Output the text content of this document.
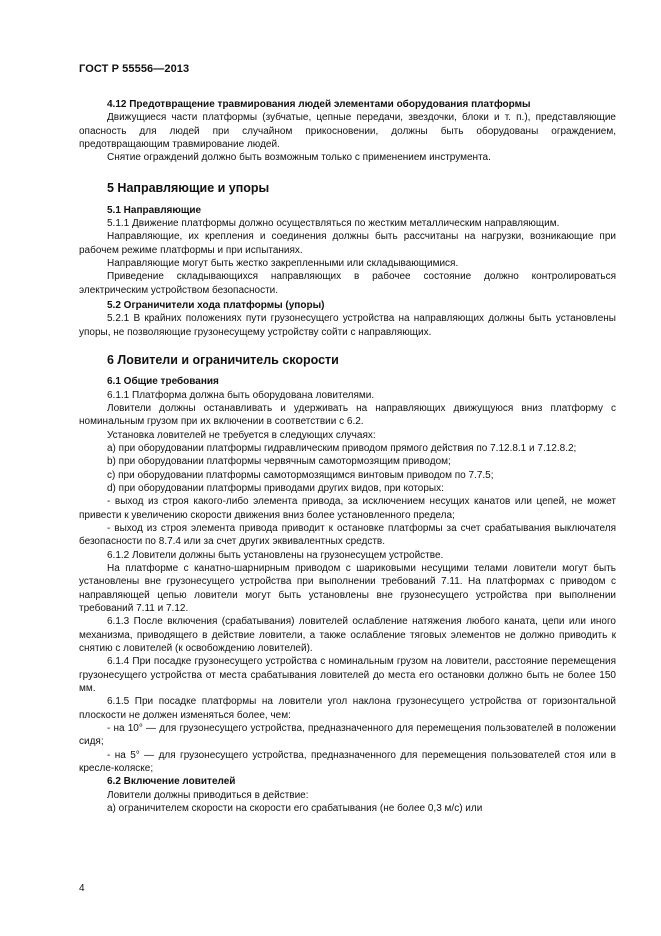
ГОСТ Р 55556—2013

4.12 Предотвращение травмирования людей элементами оборудования платформы

Движущиеся части платформы (зубчатые, цепные передачи, звездочки, блоки и т. п.), представляющие опасность для людей при случайном прикосновении, должны быть оборудованы ограждением, предотвращающим травмирование людей.

Снятие ограждений должно быть возможным только с применением инструмента.

5 Направляющие и упоры

5.1 Направляющие

5.1.1 Движение платформы должно осуществляться по жестким металлическим направляющим.

Направляющие, их крепления и соединения должны быть рассчитаны на нагрузки, возникающие при рабочем режиме платформы и при испытаниях.

Направляющие могут быть жестко закрепленными или складывающимися.

Приведение складывающихся направляющих в рабочее состояние должно контролироваться электрическим устройством безопасности.

5.2 Ограничители хода платформы (упоры)

5.2.1 В крайних положениях пути грузонесущего устройства на направляющих должны быть установлены упоры, не позволяющие грузонесущему устройству сойти с направляющих.

6 Ловители и ограничитель скорости

6.1 Общие требования

6.1.1 Платформа должна быть оборудована ловителями.

Ловители должны останавливать и удерживать на направляющих движущуюся вниз платформу с номинальным грузом при их включении в соответствии с 6.2.

Установка ловителей не требуется в следующих случаях:

а) при оборудовании платформы гидравлическим приводом прямого действия по 7.12.8.1 и 7.12.8.2;

b) при оборудовании платформы червячным самотормозящим приводом;

с) при оборудовании платформы самотормозящимся винтовым приводом по 7.7.5;

d) при оборудовании платформы приводами других видов, при которых:

- выход из строя какого-либо элемента привода, за исключением несущих канатов или цепей, не может привести к увеличению скорости движения вниз более установленного предела;

- выход из строя элемента привода приводит к остановке платформы за счет срабатывания выключателя безопасности по 8.7.4 или за счет других эквивалентных средств.

6.1.2 Ловители должны быть установлены на грузонесущем устройстве.

На платформе с канатно-шарнирным приводом с шариковыми несущими телами ловители могут быть установлены вне грузонесущего устройства при выполнении требований 7.11. На платформах с приводом с направляющей цепью ловители могут быть установлены вне грузонесущего устройства при выполнении требований 7.11 и 7.12.

6.1.3 После включения (срабатывания) ловителей ослабление натяжения любого каната, цепи или иного механизма, приводящего в действие ловители, а также ослабление тяговых элементов не должно приводить к снятию с ловителей (к освобождению ловителей).

6.1.4 При посадке грузонесущего устройства с номинальным грузом на ловители, расстояние перемещения грузонесущего устройства от места срабатывания ловителей до места его остановки должно быть не более 150 мм.

6.1.5 При посадке платформы на ловители угол наклона грузонесущего устройства от горизонтальной плоскости не должен изменяться более, чем:

- на 10° — для грузонесущего устройства, предназначенного для перемещения пользователей в положении сидя;

- на 5° — для грузонесущего устройства, предназначенного для перемещения пользователей стоя или в кресле-коляске;

6.2 Включение ловителей

Ловители должны приводиться в действие:

а) ограничителем скорости на скорости его срабатывания (не более 0,3 м/с) или

4
